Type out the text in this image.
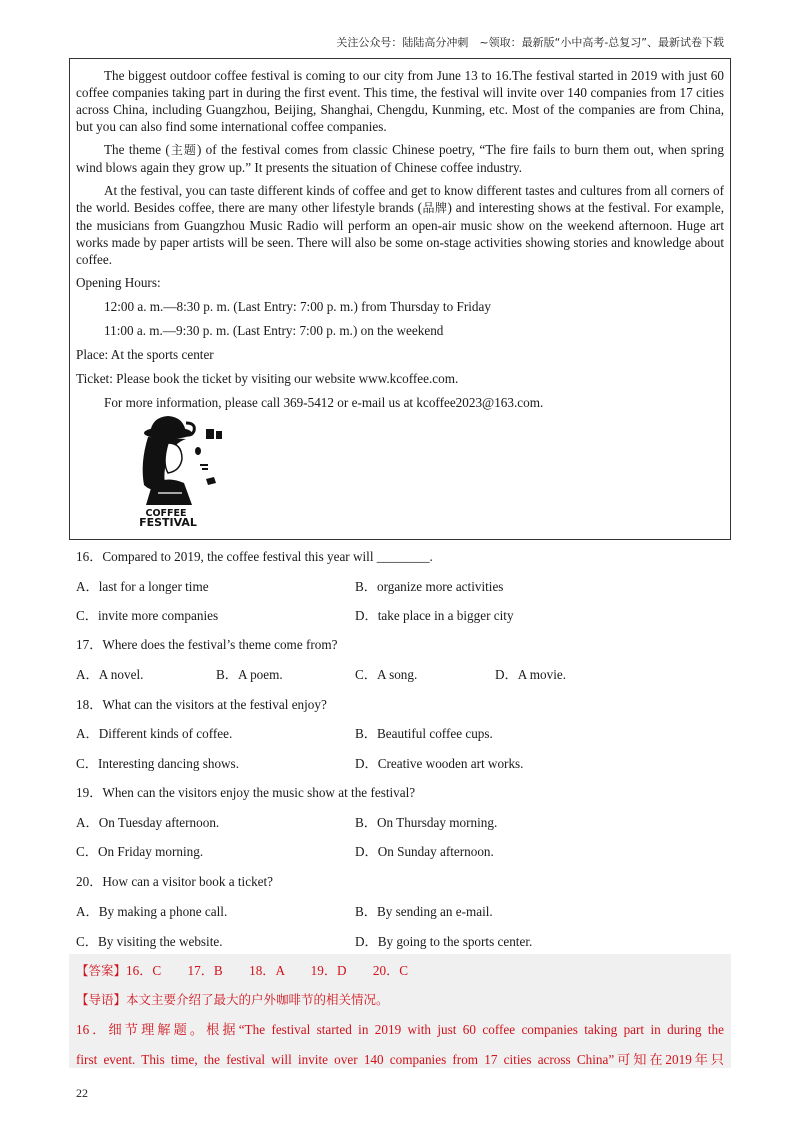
关注公众号：陆陆高分冲刺　~领取：最新版“小中高考-总复习”、最新试卷下载

The biggest outdoor coffee festival is coming to our city from June 13 to 16.The festival started in 2019 with just 60 coffee companies taking part in during the first event. This time, the festival will invite over 140 companies from 17 cities across China, including Guangzhou, Beijing, Shanghai, Chengdu, Kunming, etc. Most of the companies are from China, but you can also find some international coffee companies.

The theme (主题) of the festival comes from classic Chinese poetry, “The fire fails to burn them out, when spring wind blows again they grow up.” It presents the situation of Chinese coffee industry.

At the festival, you can taste different kinds of coffee and get to know different tastes and cultures from all corners of the world. Besides coffee, there are many other lifestyle brands (品牌) and interesting shows at the festival. For example, the musicians from Guangzhou Music Radio will perform an open-air music show on the weekend afternoon. Huge art works made by paper artists will be seen. There will also be some on-stage activities showing stories and knowledge about coffee.

Opening Hours:

12:00 a. m.—8:30 p. m. (Last Entry: 7:00 p. m.) from Thursday to Friday

11:00 a. m.—9:30 p. m. (Last Entry: 7:00 p. m.) on the weekend

Place: At the sports center

Ticket: Please book the ticket by visiting our website www.kcoffee.com.

For more information, please call 369-5412 or e-mail us at kcoffee2023@163.com.

COFFEE
FESTIVAL
16．Compared to 2019, the coffee festival this year will ________.
A．last for a longer time	B．organize more activities
C．invite more companies	D．take place in a bigger city
17．Where does the festival’s theme come from?
A．A novel.	B．A poem.	C．A song.	D．A movie.
18．What can the visitors at the festival enjoy?
A．Different kinds of coffee.	B．Beautiful coffee cups.
C．Interesting dancing shows.	D．Creative wooden art works.
19．When can the visitors enjoy the music show at the festival?
A．On Tuesday afternoon.	B．On Thursday morning.
C．On Friday morning.	D．On Sunday afternoon.
20．How can a visitor book a ticket?
A．By making a phone call.	B．By sending an e-mail.
C．By visiting the website.	D．By going to the sports center.
【答案】16．C　　17．B　　18．A　　19．D　　20．C
【导语】本文主要介绍了最大的户外咖啡节的相关情况。
16．细节理解题。根据“The festival started in 2019 with just 60 coffee companies taking part in during the
first event. This time, the festival will invite over 140 companies from 17 cities across China”可知在2019年只
22
